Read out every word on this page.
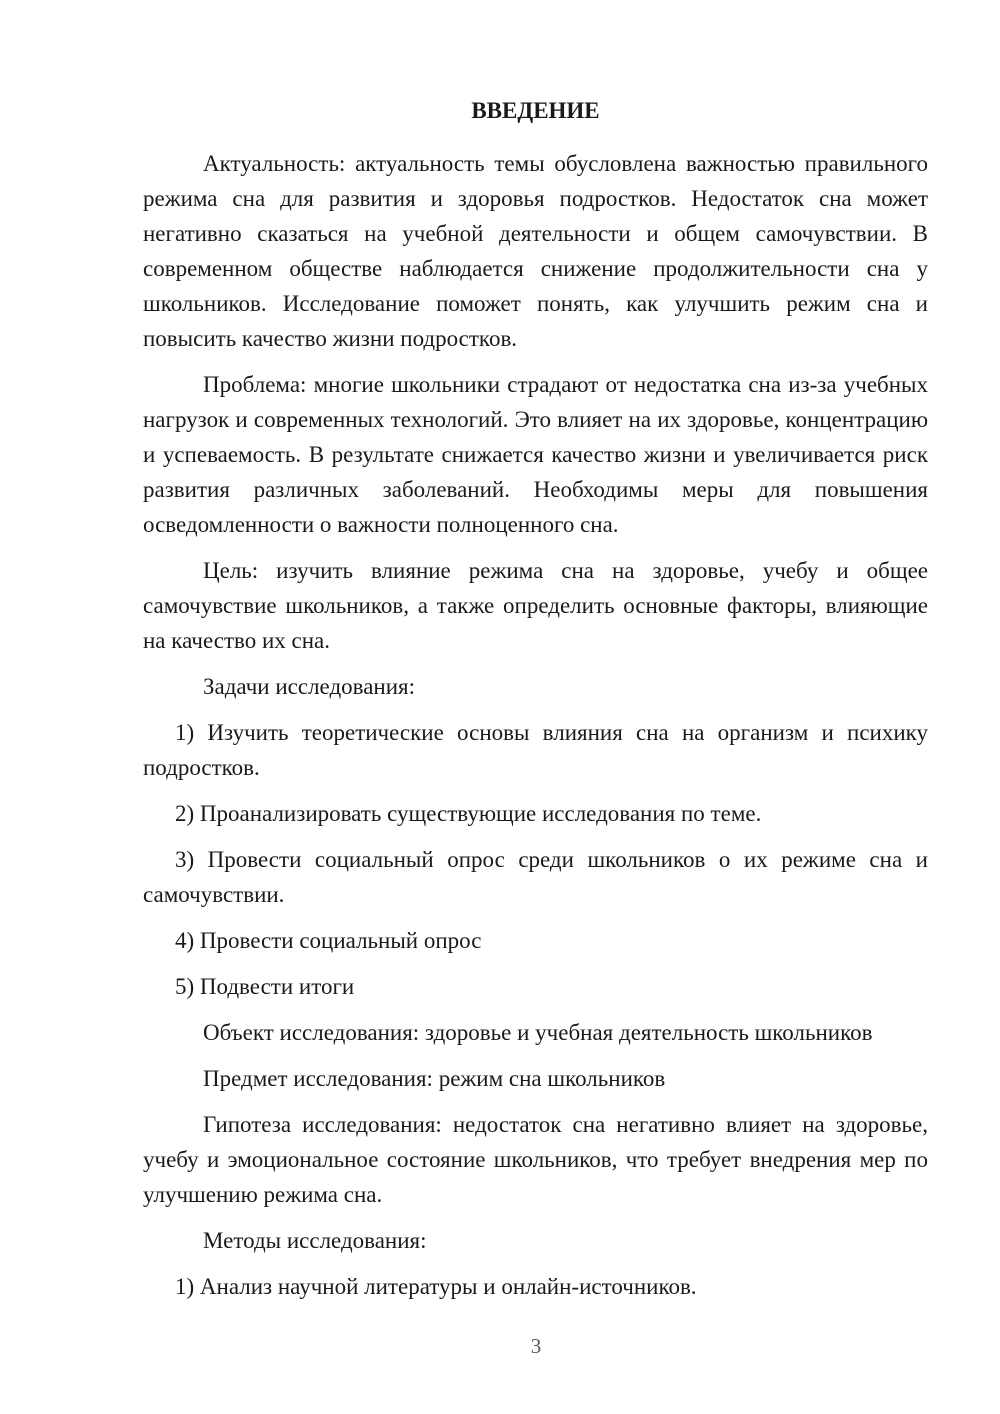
ВВЕДЕНИЕ

Актуальность: актуальность темы обусловлена важностью правильного режима сна для развития и здоровья подростков. Недостаток сна может негативно сказаться на учебной деятельности и общем самочувствии. В современном обществе наблюдается снижение продолжительности сна у школьников. Исследование поможет понять, как улучшить режим сна и повысить качество жизни подростков.

Проблема: многие школьники страдают от недостатка сна из-за учебных нагрузок и современных технологий. Это влияет на их здоровье, концентрацию и успеваемость. В результате снижается качество жизни и увеличивается риск развития различных заболеваний. Необходимы меры для повышения осведомленности о важности полноценного сна.

Цель: изучить влияние режима сна на здоровье, учебу и общее самочувствие школьников, а также определить основные факторы, влияющие на качество их сна.

Задачи исследования:

1) Изучить теоретические основы влияния сна на организм и психику подростков.

2) Проанализировать существующие исследования по теме.

3) Провести социальный опрос среди школьников о их режиме сна и самочувствии.

4) Провести социальный опрос

5) Подвести итоги

Объект исследования: здоровье и учебная деятельность школьников

Предмет исследования: режим сна школьников

Гипотеза исследования: недостаток сна негативно влияет на здоровье, учебу и эмоциональное состояние школьников, что требует внедрения мер по улучшению режима сна.

Методы исследования:

1) Анализ научной литературы и онлайн-источников.

3
